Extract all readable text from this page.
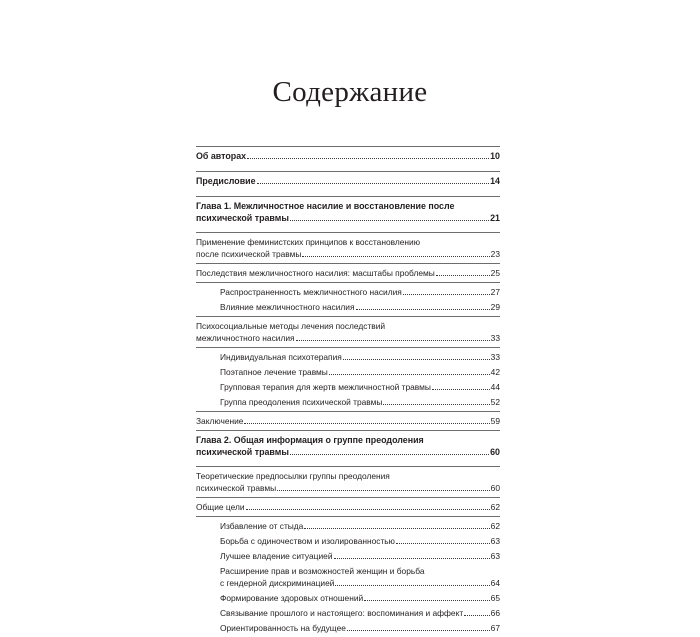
Содержание
Об авторах	10
Предисловие	14
Глава 1. Межличностное насилие и восстановление после
психической травмы	21
Применение феминистских принципов к восстановлению
после психической травмы	23
Последствия межличностного насилия: масштабы проблемы	25
Распространенность межличностного насилия	27
Влияние межличностного насилия	29
Психосоциальные методы лечения последствий
межличностного насилия	33
Индивидуальная психотерапия	33
Поэтапное лечение травмы	42
Групповая терапия для жертв межличностной травмы	44
Группа преодоления психической травмы	52
Заключение	59
Глава 2. Общая информация о группе преодоления
психической травмы	60
Теоретические предпосылки группы преодоления
психической травмы	60
Общие цели	62
Избавление от стыда	62
Борьба с одиночеством и изолированностью	63
Лучшее владение ситуацией	63
Расширение прав и возможностей женщин и борьба
с гендерной дискриминацией	64
Формирование здоровых отношений	65
Связывание прошлого и настоящего: воспоминания и аффект	66
Ориентированность на будущее	67
